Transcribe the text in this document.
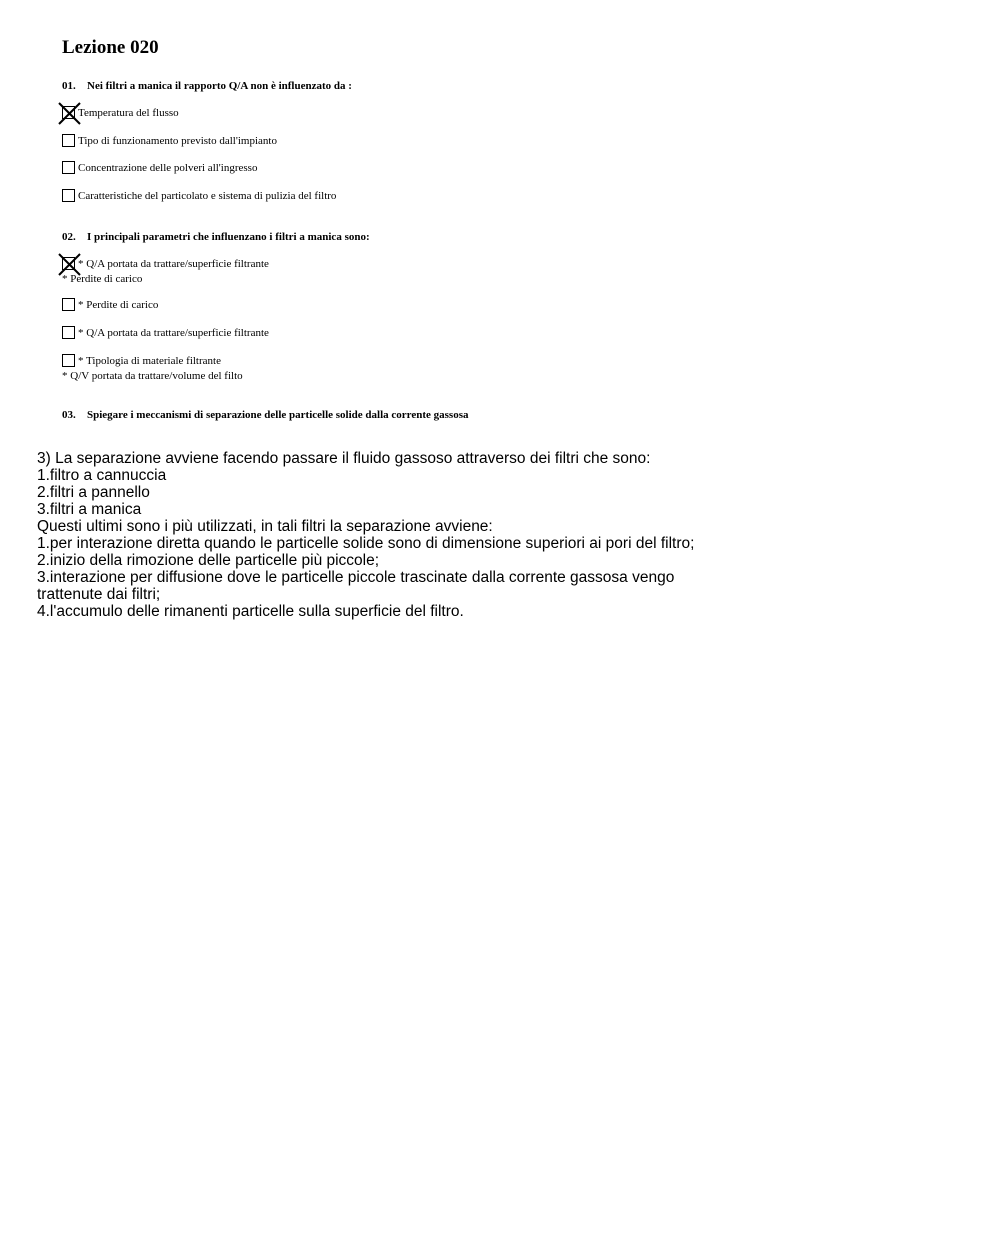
Lezione 020
01. Nei filtri a manica il rapporto Q/A non è influenzato da :
Temperatura del flusso
Tipo di funzionamento previsto dall'impianto
Concentrazione delle polveri all'ingresso
Caratteristiche del particolato e sistema di pulizia del filtro
02. I principali parametri che influenzano i filtri a manica sono:
* Q/A portata da trattare/superficie filtrante
* Perdite di carico
* Perdite di carico
* Q/A portata da trattare/superficie filtrante
* Tipologia di materiale filtrante
* Q/V portata da trattare/volume del filto
03. Spiegare i meccanismi di separazione delle particelle solide dalla corrente gassosa
3) La separazione avviene facendo passare il fluido gassoso attraverso dei filtri che sono:
1.filtro a cannuccia
2.filtri a pannello
3.filtri a manica
Questi ultimi sono i più utilizzati, in tali filtri la separazione avviene:
1.per interazione diretta quando le particelle solide sono di dimensione superiori ai pori del filtro;
2.inizio della rimozione delle particelle più piccole;
3.interazione per diffusione dove le particelle piccole trascinate dalla corrente gassosa vengo
trattenute dai filtri;
4.l'accumulo delle rimanenti particelle sulla superficie del filtro.
